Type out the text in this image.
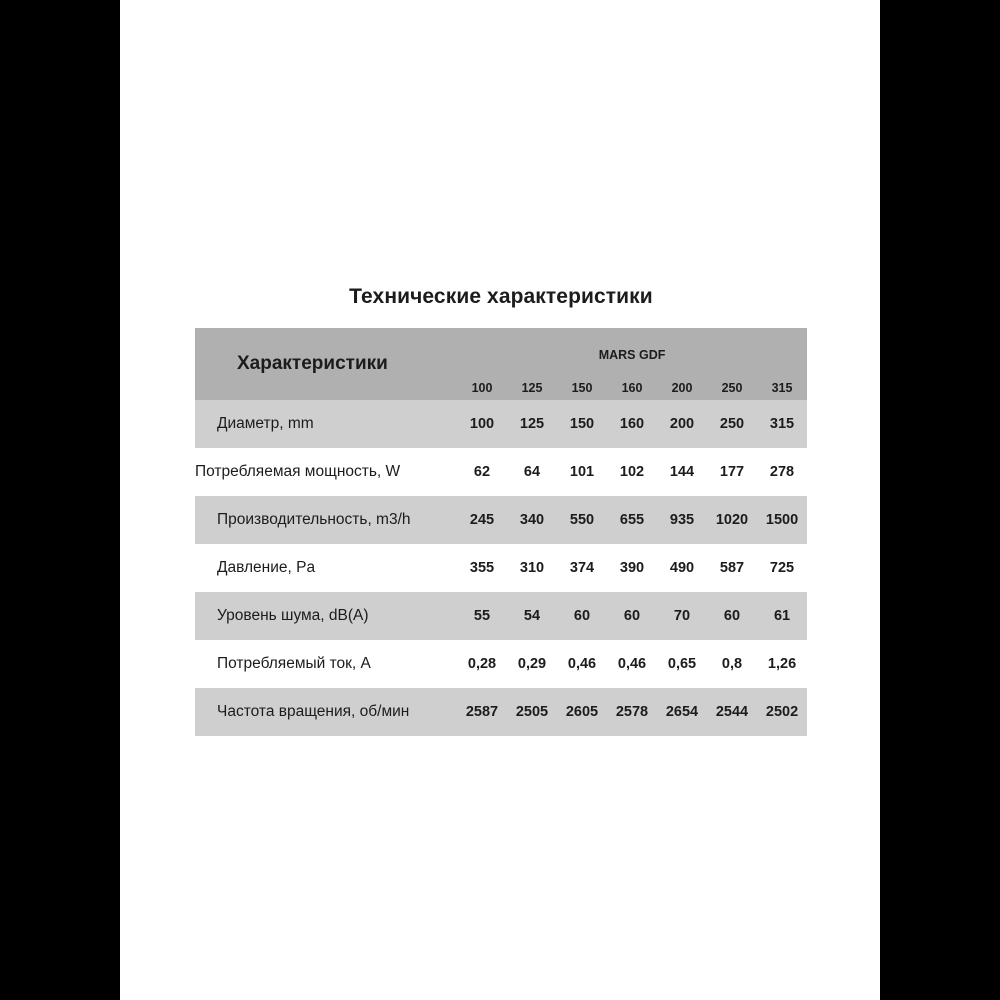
Технические характеристики
Характеристики	MARS GDF						
	100	125	150	160	200	250	315
Диаметр, mm	100	125	150	160	200	250	315
Потребляемая мощность, W	62	64	101	102	144	177	278
Производительность, m3/h	245	340	550	655	935	1020	1500
Давление, Pa	355	310	374	390	490	587	725
Уровень шума, dB(A)	55	54	60	60	70	60	61
Потребляемый ток, A	0,28	0,29	0,46	0,46	0,65	0,8	1,26
Частота вращения, об/мин	2587	2505	2605	2578	2654	2544	2502
